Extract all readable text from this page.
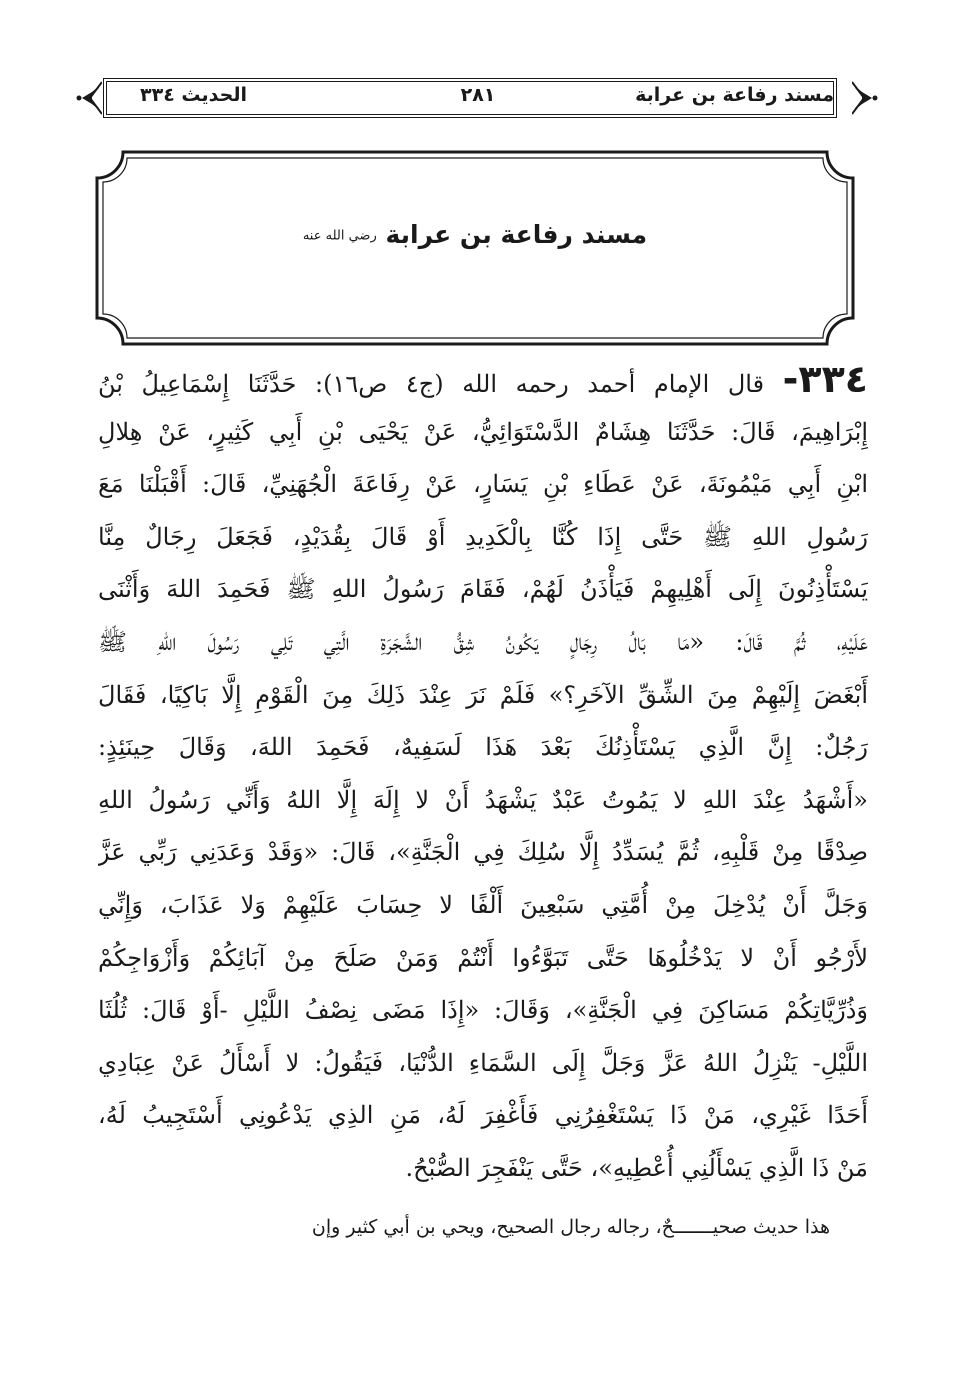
مسند رفاعة بن عرابة
٢٨١
الحديث ٣٣٤
مسند رفاعة بن عرابة رضي الله عنه
٣٣٤- قال الإمام أحمد رحمه الله (ج٤ ص١٦): حَدَّثَنَا إِسْمَاعِيلُ بْنُ
إِبْرَاهِيمَ، قَالَ: حَدَّثَنَا هِشَامٌ الدَّسْتَوَائِيُّ، عَنْ يَحْيَى بْنِ أَبِي كَثِيرٍ، عَنْ هِلالِ
ابْنِ أَبِي مَيْمُونَةَ، عَنْ عَطَاءِ بْنِ يَسَارٍ، عَنْ رِفَاعَةَ الْجُهَنِيِّ، قَالَ: أَقْبَلْنَا مَعَ
رَسُولِ اللهِ ﷺ حَتَّى إِذَا كُنَّا بِالْكَدِيدِ أَوْ قَالَ بِقُدَيْدٍ، فَجَعَلَ رِجَالٌ مِنَّا
يَسْتَأْذِنُونَ إِلَى أَهْلِيهِمْ فَيَأْذَنُ لَهُمْ، فَقَامَ رَسُولُ اللهِ ﷺ فَحَمِدَ اللهَ وَأَثْنَى
عَلَيْهِ، ثُمَّ قَالَ: «مَا بَالُ رِجَالٍ يَكُونُ شِقُّ الشَّجَرَةِ الَّتِي تَلِي رَسُولَ اللهِ ﷺ
أَبْغَضَ إِلَيْهِمْ مِنَ الشِّقِّ الآخَرِ؟» فَلَمْ نَرَ عِنْدَ ذَلِكَ مِنَ الْقَوْمِ إِلَّا بَاكِيًا، فَقَالَ
رَجُلٌ: إِنَّ الَّذِي يَسْتَأْذِنُكَ بَعْدَ هَذَا لَسَفِيهٌ، فَحَمِدَ اللهَ، وَقَالَ حِينَئِذٍ:
«أَشْهَدُ عِنْدَ اللهِ لا يَمُوتُ عَبْدٌ يَشْهَدُ أَنْ لا إِلَهَ إِلَّا اللهُ وَأَنِّي رَسُولُ اللهِ
صِدْقًا مِنْ قَلْبِهِ، ثُمَّ يُسَدِّدُ إِلَّا سُلِكَ فِي الْجَنَّةِ»، قَالَ: «وَقَدْ وَعَدَنِي رَبِّي عَزَّ
وَجَلَّ أَنْ يُدْخِلَ مِنْ أُمَّتِي سَبْعِينَ أَلْفًا لا حِسَابَ عَلَيْهِمْ وَلا عَذَابَ، وَإِنِّي
لأَرْجُو أَنْ لا يَدْخُلُوهَا حَتَّى تَبَوَّءُوا أَنْتُمْ وَمَنْ صَلَحَ مِنْ آبَائِكُمْ وَأَزْوَاجِكُمْ
وَذُرِّيَّاتِكُمْ مَسَاكِنَ فِي الْجَنَّةِ»، وَقَالَ: «إِذَا مَضَى نِصْفُ اللَّيْلِ -أَوْ قَالَ: ثُلُثَا
اللَّيْلِ- يَنْزِلُ اللهُ عَزَّ وَجَلَّ إِلَى السَّمَاءِ الدُّنْيَا، فَيَقُولُ: لا أَسْأَلُ عَنْ عِبَادِي
أَحَدًا غَيْرِي، مَنْ ذَا يَسْتَغْفِرُنِي فَأَغْفِرَ لَهُ، مَنِ الذِي يَدْعُونِي أَسْتَجِيبُ لَهُ،
مَنْ ذَا الَّذِي يَسْأَلُنِي أُعْطِيهِ»، حَتَّى يَنْفَجِرَ الصُّبْحُ.
هذا حديث صحيـــــــحٌ، رجاله رجال الصحيح، ويحي بن أبي كثير وإن
